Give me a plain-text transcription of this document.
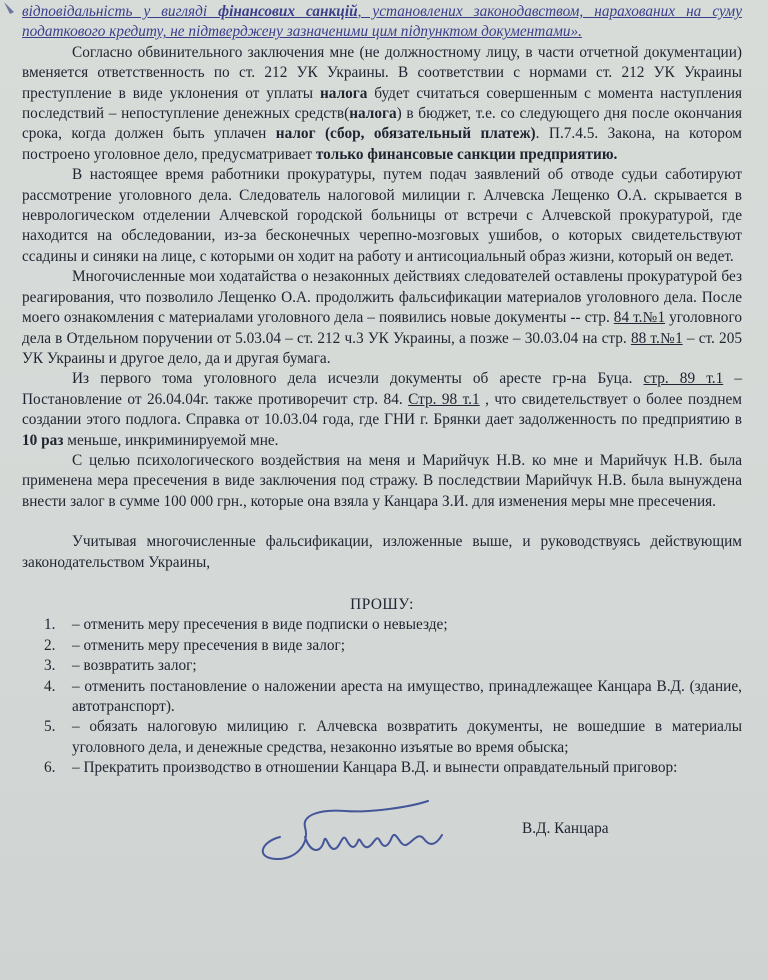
відповідальність у вигляді фінансових санкцій, установлених законодавством, нарахованих на суму податкового кредиту, не підтверджену зазначеними цим підпунктом документами».

Согласно обвинительного заключения мне (не должностному лицу, в части отчетной документации) вменяется ответственность по ст. 212 УК Украины. В соответствии с нормами ст. 212 УК Украины преступление в виде уклонения от уплаты налога будет считаться совершенным с момента наступления последствий – непоступление денежных средств(налога) в бюджет, т.е. со следующего дня после окончания срока, когда должен быть уплачен налог (сбор, обязательный платеж). П.7.4.5. Закона, на котором построено уголовное дело, предусматривает только финансовые санкции предприятию.

В настоящее время работники прокуратуры, путем подач заявлений об отводе судьи саботируют рассмотрение уголовного дела. Следователь налоговой милиции г. Алчевска Лещенко О.А. скрывается в неврологическом отделении Алчевской городской больницы от встречи с Алчевской прокуратурой, где находится на обследовании, из-за бесконечных черепно-мозговых ушибов, о которых свидетельствуют ссадины и синяки на лице, с которыми он ходит на работу и антисоциальный образ жизни, который он ведет.

Многочисленные мои ходатайства о незаконных действиях следователей оставлены прокуратурой без реагирования, что позволило Лещенко О.А. продолжить фальсификации материалов уголовного дела. После моего ознакомления с материалами уголовного дела – появились новые документы -- стр. 84 т.№1 уголовного дела в Отдельном поручении от 5.03.04 – ст. 212 ч.3 УК Украины, а позже – 30.03.04 на стр. 88 т.№1 – ст. 205 УК Украины и другое дело, да и другая бумага.

Из первого тома уголовного дела исчезли документы об аресте гр-на Буца. стр. 89 т.1 – Постановление от 26.04.04г. также противоречит стр. 84. Стр. 98 т.1 , что свидетельствует о более позднем создании этого подлога. Справка от 10.03.04 года, где ГНИ г. Брянки дает задолженность по предприятию в 10 раз меньше, инкриминируемой мне.

С целью психологического воздействия на меня и Марийчук Н.В. ко мне и Марийчук Н.В. была применена мера пресечения в виде заключения под стражу. В последствии Марийчук Н.В. была вынуждена внести залог в сумме 100 000 грн., которые она взяла у Канцара З.И. для изменения меры мне пресечения.

Учитывая многочисленные фальсификации, изложенные выше, и руководствуясь действующим законодательством Украины,

ПРОШУ:

1.	– отменить меру пресечения в виде подписки о невыезде;
2.	– отменить меру пресечения в виде залог;
3.	– возвратить залог;
4.	– отменить постановление о наложении ареста на имущество, принадлежащее Канцара В.Д. (здание, автотранспорт).
5.	– обязать налоговую милицию г. Алчевска возвратить документы, не вошедшие в материалы уголовного дела, и денежные средства, незаконно изъятые во время обыска;
6.	– Прекратить производство в отношении Канцара В.Д. и вынести оправдательный приговор:
В.Д. Канцара
